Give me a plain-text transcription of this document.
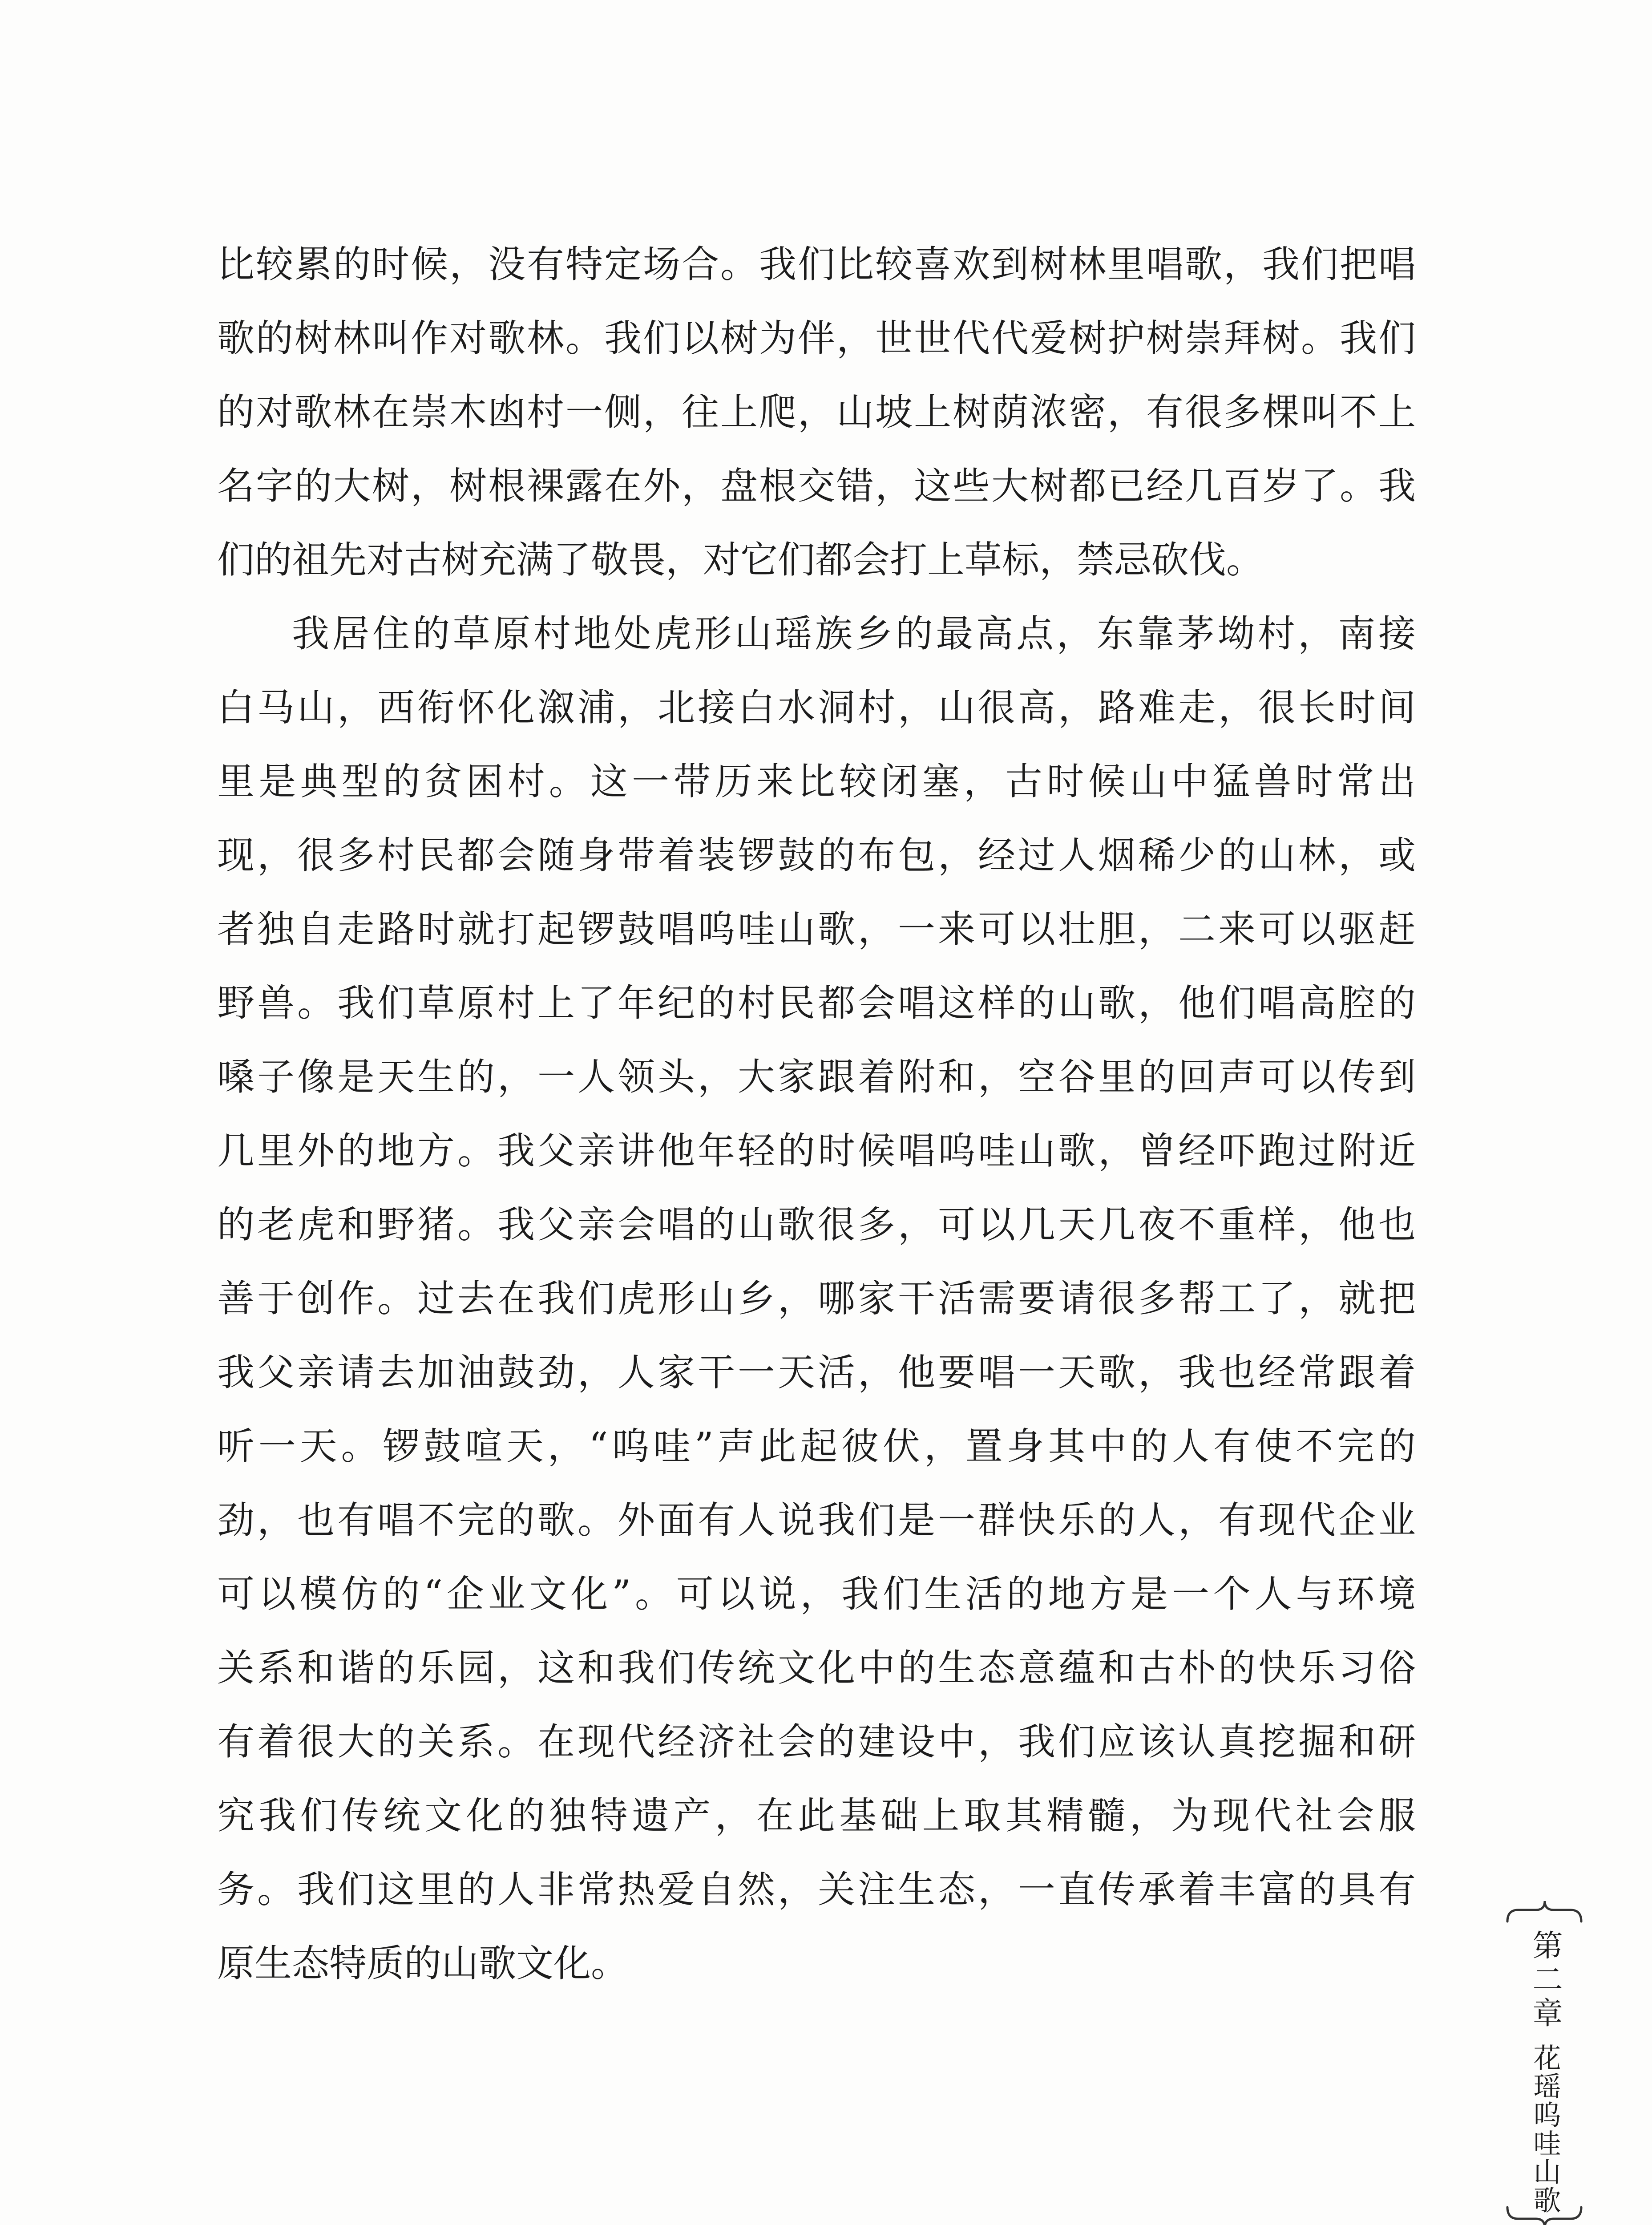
比较累的时候，没有特定场合。我们比较喜欢到树林里唱歌，我们把唱
歌的树林叫作对歌林。我们以树为伴，世世代代爱树护树崇拜树。我们
的对歌林在崇木凼村一侧，往上爬，山坡上树荫浓密，有很多棵叫不上
名字的大树，树根裸露在外，盘根交错，这些大树都已经几百岁了。我
们的祖先对古树充满了敬畏，对它们都会打上草标，禁忌砍伐。
我居住的草原村地处虎形山瑶族乡的最高点，东靠茅坳村，南接
白马山，西衔怀化溆浦，北接白水洞村，山很高，路难走，很长时间
里是典型的贫困村。这一带历来比较闭塞，古时候山中猛兽时常出
现，很多村民都会随身带着装锣鼓的布包，经过人烟稀少的山林，或
者独自走路时就打起锣鼓唱呜哇山歌，一来可以壮胆，二来可以驱赶
野兽。我们草原村上了年纪的村民都会唱这样的山歌，他们唱高腔的
嗓子像是天生的，一人领头，大家跟着附和，空谷里的回声可以传到
几里外的地方。我父亲讲他年轻的时候唱呜哇山歌，曾经吓跑过附近
的老虎和野猪。我父亲会唱的山歌很多，可以几天几夜不重样，他也
善于创作。过去在我们虎形山乡，哪家干活需要请很多帮工了，就把
我父亲请去加油鼓劲，人家干一天活，他要唱一天歌，我也经常跟着
听一天。锣鼓喧天，“呜哇”声此起彼伏，置身其中的人有使不完的
劲，也有唱不完的歌。外面有人说我们是一群快乐的人，有现代企业
可以模仿的“企业文化”。可以说，我们生活的地方是一个人与环境
关系和谐的乐园，这和我们传统文化中的生态意蕴和古朴的快乐习俗
有着很大的关系。在现代经济社会的建设中，我们应该认真挖掘和研
究我们传统文化的独特遗产，在此基础上取其精髓，为现代社会服
务。我们这里的人非常热爱自然，关注生态，一直传承着丰富的具有
原生态特质的山歌文化。	第二章
花瑶呜哇山歌
